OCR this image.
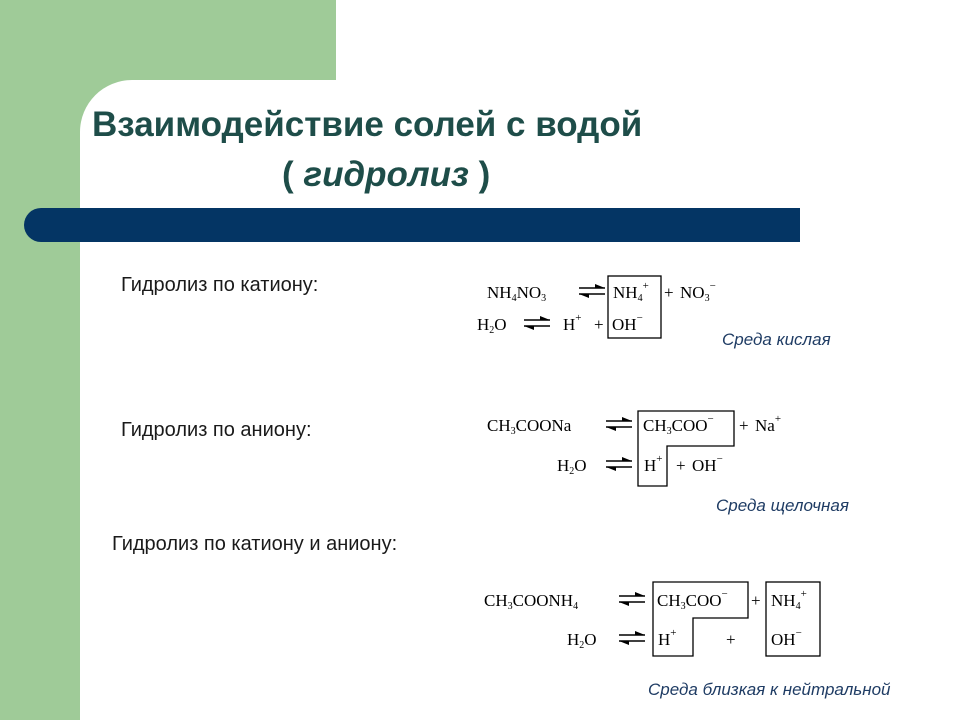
Взаимодействие солей с водой
( гидролиз )
Гидролиз по катиону:
Гидролиз по аниону:
Гидролиз по катиону и аниону:
Среда кислая
Среда щелочная
Среда близкая к нейтральной
NH4NO3	NH4+ + NO3−
H2O	H+ + OH−
CH3COONa	CH3COO− + Na+
H2O	H+ + OH−
CH3COONH4	CH3COO− + NH4+
H2O	H+	+ OH−
